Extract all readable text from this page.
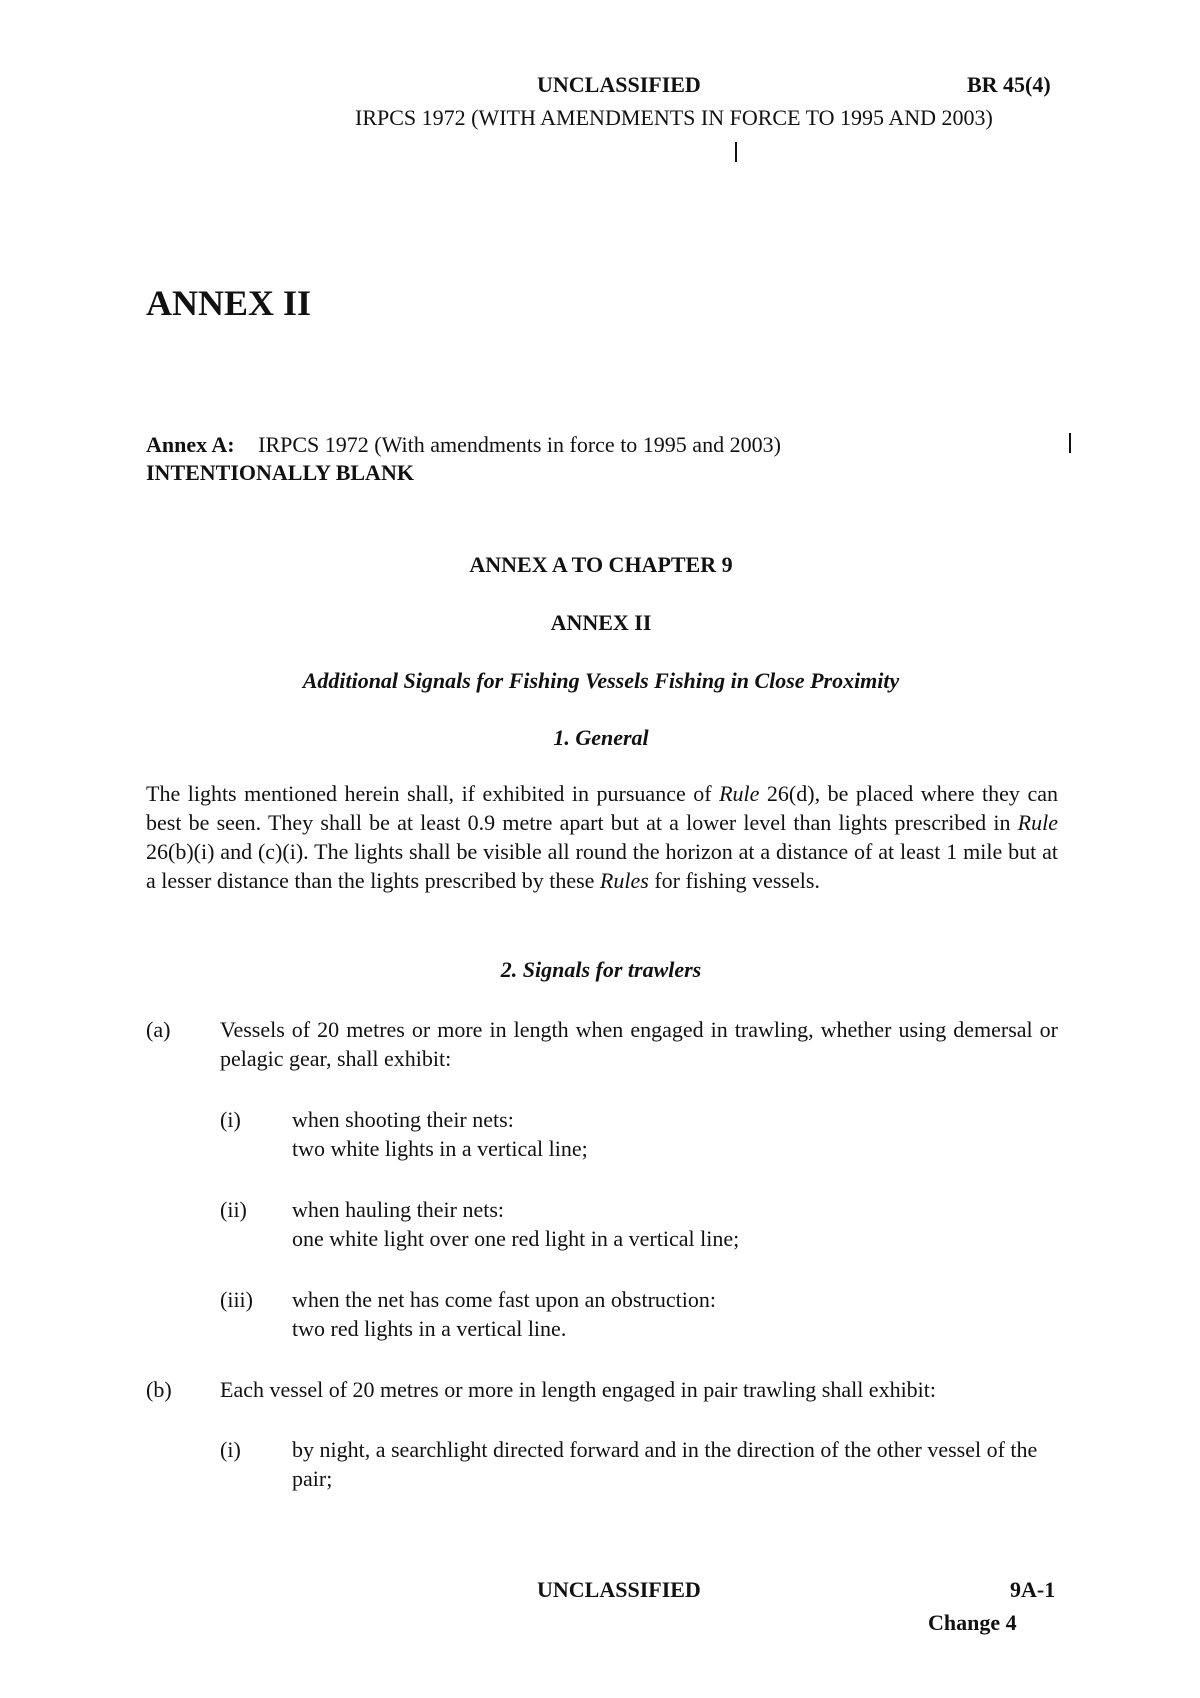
UNCLASSIFIED	BR 45(4)
IRPCS 1972 (WITH AMENDMENTS IN FORCE TO 1995 AND 2003)
ANNEX II
Annex A: IRPCS 1972 (With amendments in force to 1995 and 2003)
INTENTIONALLY BLANK
ANNEX A TO CHAPTER 9
ANNEX II
Additional Signals for Fishing Vessels Fishing in Close Proximity
1. General
The lights mentioned herein shall, if exhibited in pursuance of Rule 26(d), be placed where they can best be seen. They shall be at least 0.9 metre apart but at a lower level than lights prescribed in Rule 26(b)(i) and (c)(i). The lights shall be visible all round the horizon at a distance of at least 1 mile but at a lesser distance than the lights prescribed by these Rules for fishing vessels.
2. Signals for trawlers
(a) Vessels of 20 metres or more in length when engaged in trawling, whether using demersal or pelagic gear, shall exhibit:
(i) when shooting their nets:
two white lights in a vertical line;
(ii) when hauling their nets:
one white light over one red light in a vertical line;
(iii) when the net has come fast upon an obstruction:
two red lights in a vertical line.
(b) Each vessel of 20 metres or more in length engaged in pair trawling shall exhibit:
(i) by night, a searchlight directed forward and in the direction of the other vessel of the pair;
UNCLASSIFIED	9A-1
Change 4
